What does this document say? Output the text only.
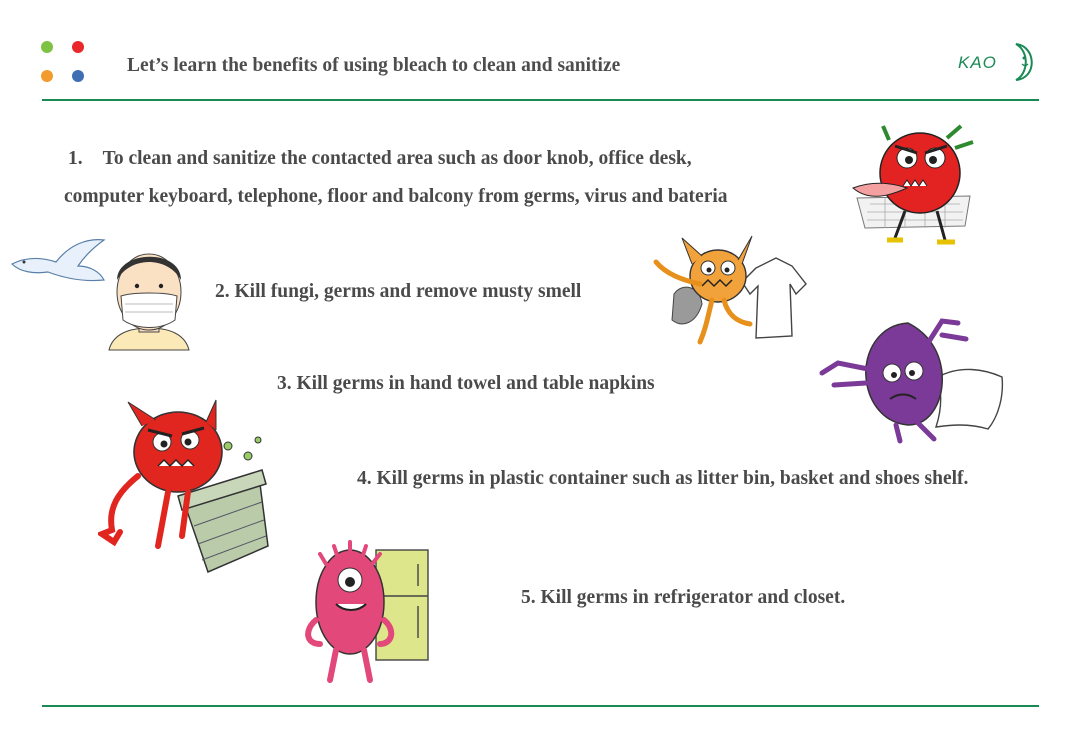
Let’s learn the benefits of using bleach to clean and sanitize	KAO
1. To clean and sanitize the contacted area such as door knob, office desk,
computer keyboard, telephone, floor and balcony from germs, virus and bateria
2. Kill fungi, germs and remove musty smell
3. Kill germs in hand towel and table napkins
4. Kill germs in plastic container such as litter bin, basket and shoes shelf.
5. Kill germs in refrigerator and closet.
